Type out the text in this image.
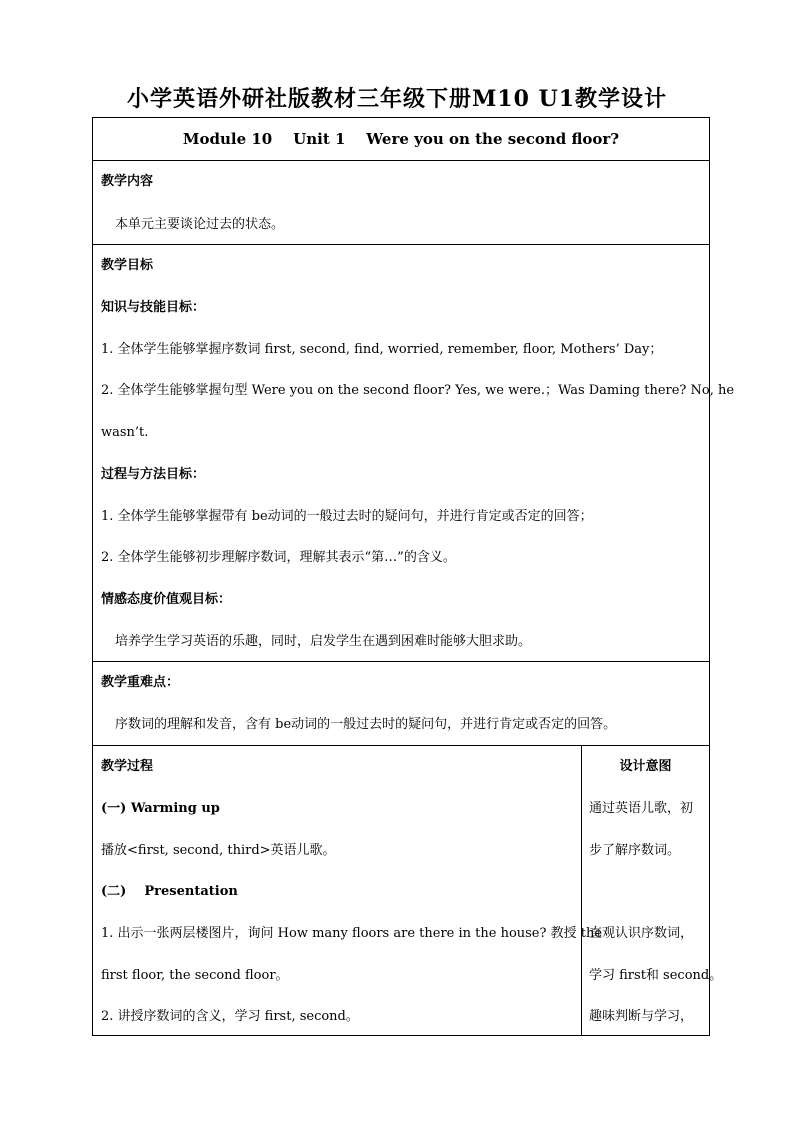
小学英语外研社版教材三年级下册M10 U1教学设计
Module 10    Unit 1    Were you on the second floor?
教学内容
本单元主要谈论过去的状态。
教学目标
知识与技能目标：
1. 全体学生能够掌握序数词 first, second, find, worried, remember, floor, Mothers’ Day；
2. 全体学生能够掌握句型 Were you on the second floor? Yes, we were.；Was Daming there? No, he
wasn’t.
过程与方法目标：
1. 全体学生能够掌握带有 be动词的一般过去时的疑问句，并进行肯定或否定的回答；
2. 全体学生能够初步理解序数词，理解其表示“第…”的含义。
情感态度价值观目标：
培养学生学习英语的乐趣，同时，启发学生在遇到困难时能够大胆求助。
教学重难点：
序数词的理解和发音，含有 be动词的一般过去时的疑问句，并进行肯定或否定的回答。
教学过程	设计意图
(一) Warming up
播放<first, second, third>英语儿歌。
(二)    Presentation
1. 出示一张两层楼图片，询问 How many floors are there in the house? 教授 the
first floor, the second floor。
2. 讲授序数词的含义，学习 first, second。
通过英语儿歌，初
步了解序数词。
直观认识序数词，
学习 first和 second。
趣味判断与学习，
